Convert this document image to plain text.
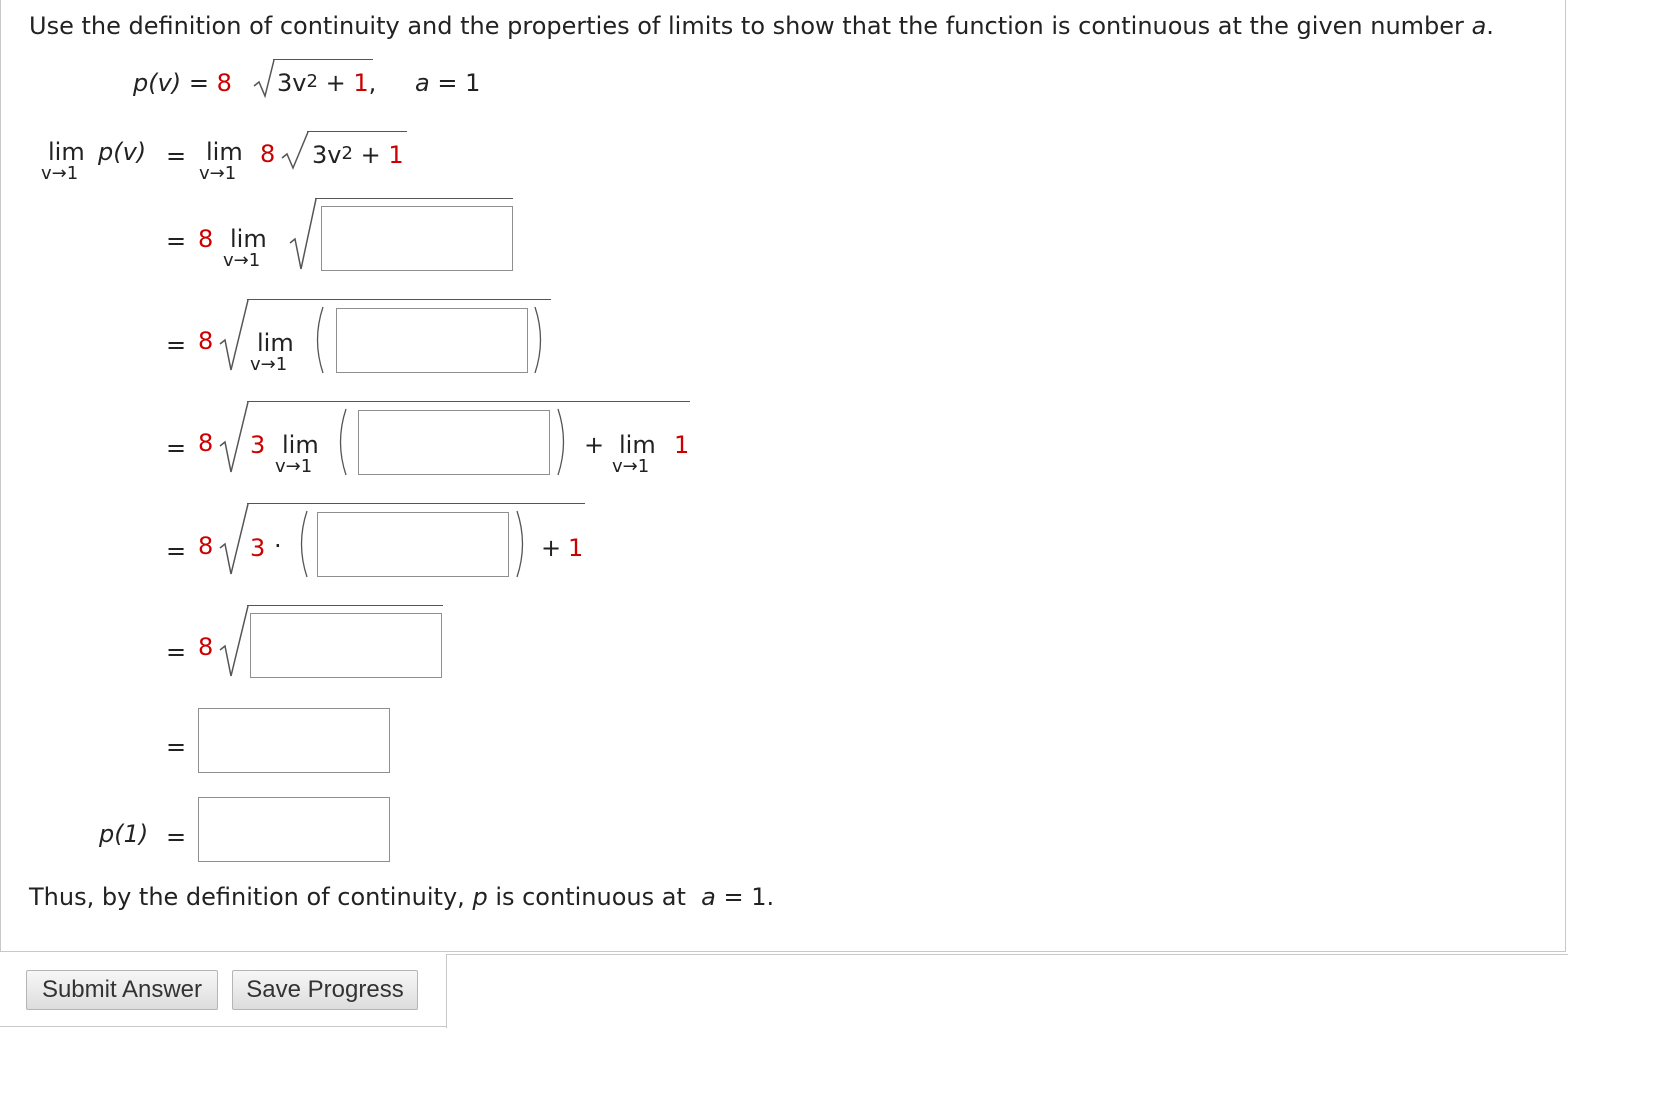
Use the definition of continuity and the properties of limits to show that the function is continuous at the given number a.
p(v) = 8 $3v^2 + 1$, a = 1
lim
v→1
p(v) = lim
v→1
8 $3v^2 + 1$
= 8 lim
v→1
= 8 lim
v→1
= 8 3 lim
v→1
+ lim
v→1
1
= 8 3 ·	+ 1
= 8
=
p(1) =
Thus, by the definition of continuity, p is continuous at a = 1.
Submit Answer	Save Progress
